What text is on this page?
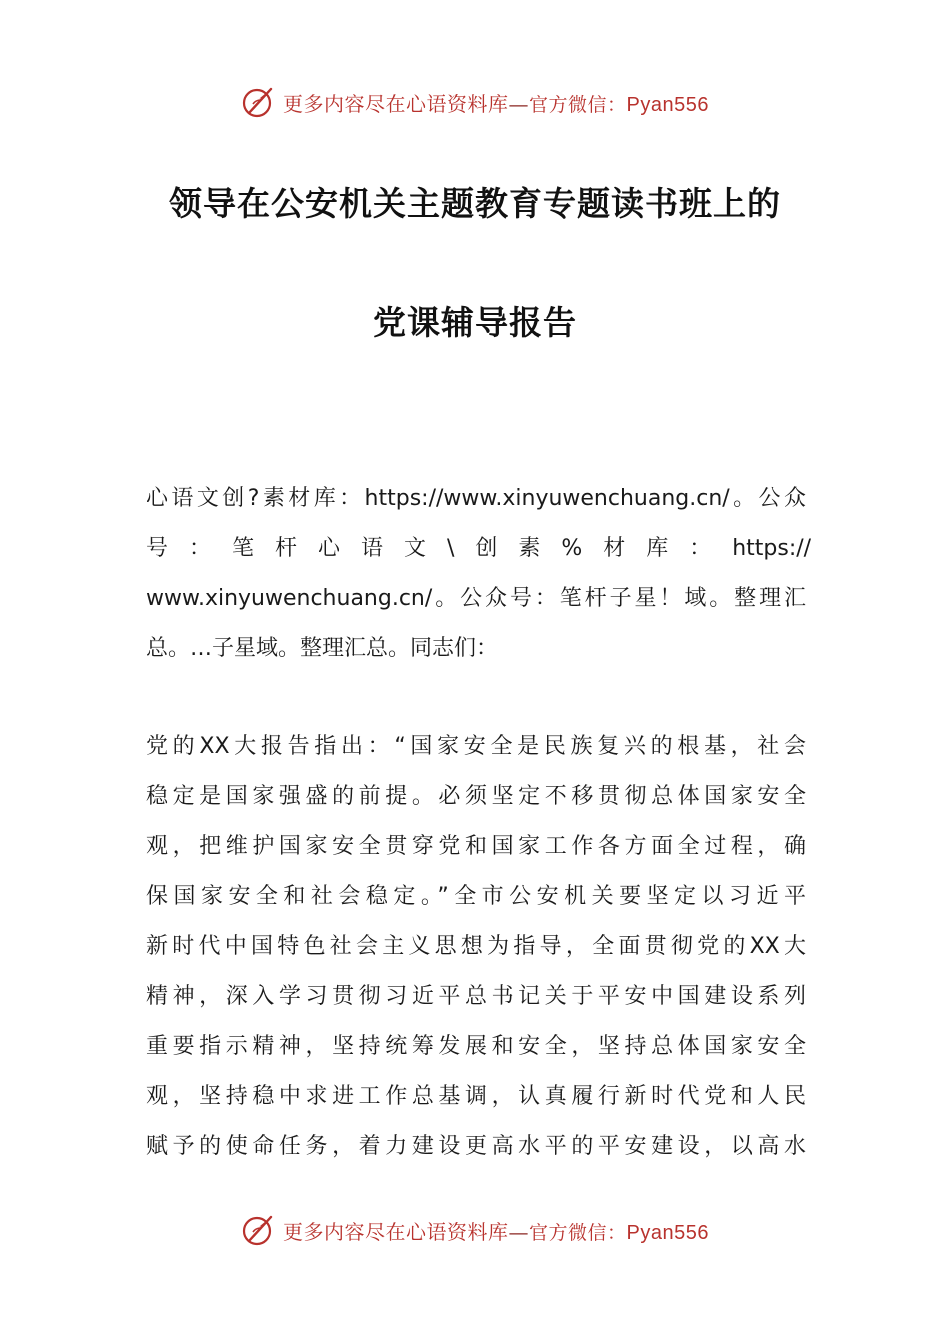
更多内容尽在心语资料库—官方微信：Pyan556
领导在公安机关主题教育专题读书班上的
党课辅导报告
心语文创?素材库：https://www.xinyuwenchuang.cn/。公众
号 ： 笔 杆 心 语 文 \ 创 素 % 材 库 ： https://
www.xinyuwenchuang.cn/。公众号：笔杆子星！域。整理汇
总。…子星域。整理汇总。同志们：
党的XX大报告指出：“国家安全是民族复兴的根基，社会
稳定是国家强盛的前提。必须坚定不移贯彻总体国家安全
观，把维护国家安全贯穿党和国家工作各方面全过程，确
保国家安全和社会稳定。”全市公安机关要坚定以习近平
新时代中国特色社会主义思想为指导，全面贯彻党的XX大
精神，深入学习贯彻习近平总书记关于平安中国建设系列
重要指示精神，坚持统筹发展和安全，坚持总体国家安全
观，坚持稳中求进工作总基调，认真履行新时代党和人民
赋予的使命任务，着力建设更高水平的平安建设，以高水
更多内容尽在心语资料库—官方微信：Pyan556
